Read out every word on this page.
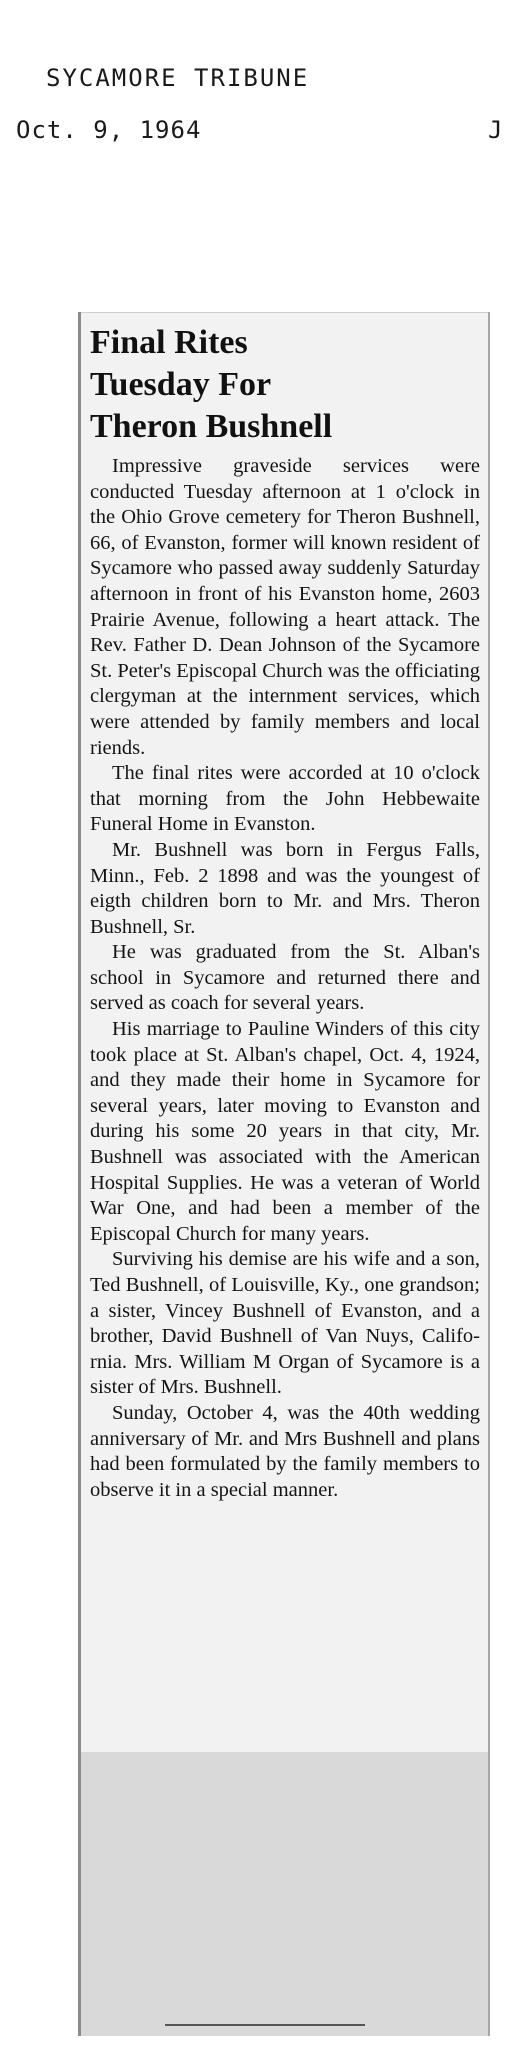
SYCAMORE TRIBUNE
Oct. 9, 1964	J
Final Rites
Tuesday For
Theron Bushnell

Impressive graveside services were conducted Tuesday afternoon at 1 o'clock in the Ohio Grove cemetery for Theron Bushnell, 66, of Evanston, former will known resident of Sycamore who passed away suddenly Saturday afternoon in front of his Evanston home, 2603 Prairie Avenue, following a heart attack. The Rev. Father D. Dean Johnson of the Sycamore St. Peter's Episcopal Church was the officiating clergyman at the internment services, which were attended by family members and local riends.

The final rites were accorded at 10 o'clock that morning from the John Hebbewaite Funeral Home in Evanston.

Mr. Bushnell was born in Fergus Falls, Minn., Feb. 2 1898 and was the youngest of eigth children born to Mr. and Mrs. Theron Bushnell, Sr.

He was graduated from the St. Alban's school in Sycamore and returned there and served as coach for several years.

His marriage to Pauline Winders of this city took place at St. Alban's chapel, Oct. 4, 1924, and they made their home in Sycamore for several years, later moving to Evanston and during his some 20 years in that city, Mr. Bushnell was associated with the American Hospital Supplies. He was a veteran of World War One, and had been a member of the Episcopal Church for many years.

Surviving his demise are his wife and a son, Ted Bushnell, of Louisville, Ky., one grandson; a sister, Vincey Bushnell of Evanston, and a brother, David Bushnell of Van Nuys, California. Mrs. William M Organ of Sycamore is a sister of Mrs. Bushnell.

Sunday, October 4, was the 40th wedding anniversary of Mr. and Mrs Bushnell and plans had been formulated by the family members to observe it in a special manner.
